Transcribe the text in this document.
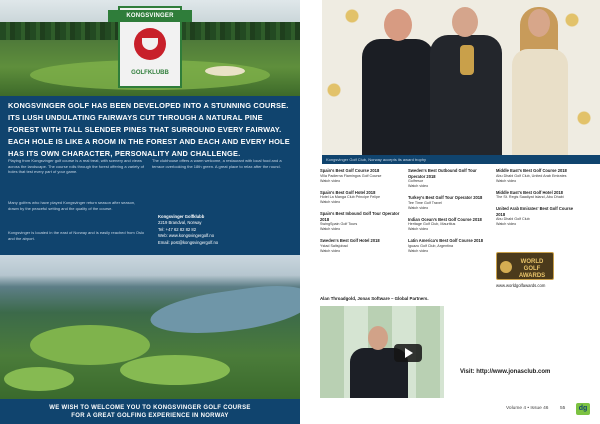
KONGSVINGER
GOLFKLUBB
KONGSVINGER GOLF HAS BEEN DEVELOPED INTO A STUNNING COURSE. ITS LUSH UNDULATING FAIRWAYS CUT THROUGH A NATURAL PINE FOREST WITH TALL SLENDER PINES THAT SURROUND EVERY FAIRWAY. EACH HOLE IS LIKE A ROOM IN THE FOREST AND EACH AND EVERY HOLE HAS ITS OWN CHARACTER, PERSONALITY AND CHALLENGE.

Playing from Kongsvinger golf course is a real treat, with scenery and views across the landscape. The course rolls through the forest offering a variety of holes that test every part of your game.

The clubhouse offers a warm welcome, a restaurant with local food and a terrace overlooking the 18th green. A great place to relax after the round.

Many golfers who have played Kongsvinger return season after season, drawn by the peaceful setting and the quality of the course.

Kongsvinger is located in the east of Norway and is easily reached from Oslo and the airport.

Kongsvinger Golfklubb
2219 Brandval, Norway
Tel: +47 62 82 82 82
Web: www.kongsvingergolf.no
Email: post@kongsvingergolf.no
WE WISH TO WELCOME YOU TO KONGSVINGER GOLF COURSE
FOR A GREAT GOLFING EXPERIENCE IN NORWAY
Kongsvinger Golf Club, Norway accepts its award trophy
Spain's Best Golf Course 2018
Villa Padierna Flamingos Golf Course
Watch video
Spain's Best Golf Hotel 2018
Hotel La Manga Club Principe Felipe
Watch video
Spain's Best Inbound Golf Tour Operator 2018
SwingSpain Golf Tours
Watch video
Sweden's Best Golf Hotel 2018
Ystad Saltsjobad
Watch video
Sweden's Best Outbound Golf Tour Operator 2018
Golfresor
Watch video
Turkey's Best Golf Tour Operator 2018
Tee Time Golf Travel
Watch video
Indian Ocean's Best Golf Course 2018
Heritage Golf Club, Mauritius
Watch video
Latin America's Best Golf Course 2018
Iguazu Golf Club, Argentina
Watch video
Middle East's Best Golf Course 2018
Abu Dhabi Golf Club, United Arab Emirates
Watch video
Middle East's Best Golf Hotel 2018
The St. Regis Saadiyat Island, Abu Dhabi
United Arab Emirates' Best Golf Course 2018
Abu Dhabi Golf Club
Watch video
WORLD
GOLF AWARDS
www.worldgolfawards.com
Alan Throadgold, Jonas Software – Global Partners.
Visit: http://www.jonasclub.com
Volume 4 • Issue 46 55	dg
